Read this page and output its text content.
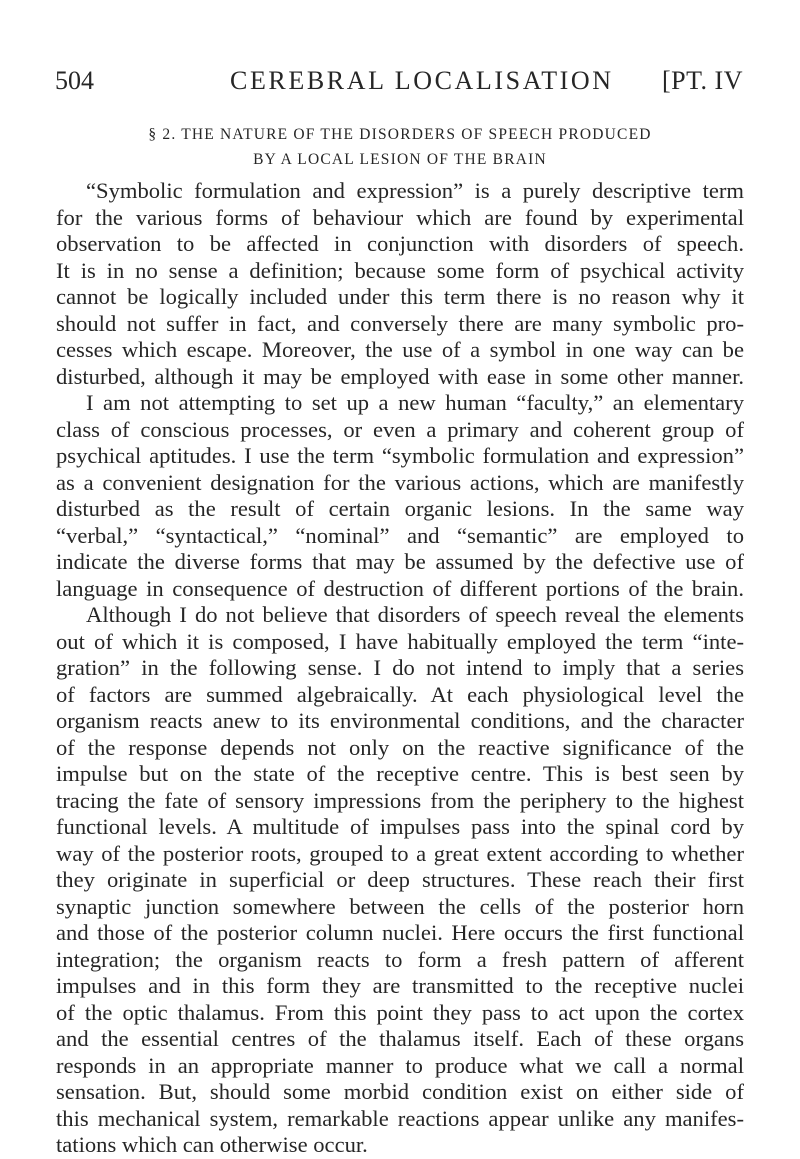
504	CEREBRAL LOCALISATION [PT. IV
§ 2. THE NATURE OF THE DISORDERS OF SPEECH PRODUCED
BY A LOCAL LESION OF THE BRAIN
“Symbolic formulation and expression” is a purely descriptive term
for the various forms of behaviour which are found by experimental
observation to be affected in conjunction with disorders of speech.
It is in no sense a definition; because some form of psychical activity
cannot be logically included under this term there is no reason why it
should not suffer in fact, and conversely there are many symbolic pro-
cesses which escape. Moreover, the use of a symbol in one way can be
disturbed, although it may be employed with ease in some other manner.
I am not attempting to set up a new human “faculty,” an elementary
class of conscious processes, or even a primary and coherent group of
psychical aptitudes. I use the term “symbolic formulation and expression”
as a convenient designation for the various actions, which are manifestly
disturbed as the result of certain organic lesions. In the same way
“verbal,” “syntactical,” “nominal” and “semantic” are employed to
indicate the diverse forms that may be assumed by the defective use of
language in consequence of destruction of different portions of the brain.
Although I do not believe that disorders of speech reveal the elements
out of which it is composed, I have habitually employed the term “inte-
gration” in the following sense. I do not intend to imply that a series
of factors are summed algebraically. At each physiological level the
organism reacts anew to its environmental conditions, and the character
of the response depends not only on the reactive significance of the
impulse but on the state of the receptive centre. This is best seen by
tracing the fate of sensory impressions from the periphery to the highest
functional levels. A multitude of impulses pass into the spinal cord by
way of the posterior roots, grouped to a great extent according to whether
they originate in superficial or deep structures. These reach their first
synaptic junction somewhere between the cells of the posterior horn
and those of the posterior column nuclei. Here occurs the first functional
integration; the organism reacts to form a fresh pattern of afferent
impulses and in this form they are transmitted to the receptive nuclei
of the optic thalamus. From this point they pass to act upon the cortex
and the essential centres of the thalamus itself. Each of these organs
responds in an appropriate manner to produce what we call a normal
sensation. But, should some morbid condition exist on either side of
this mechanical system, remarkable reactions appear unlike any manifes-
tations which can otherwise occur.
